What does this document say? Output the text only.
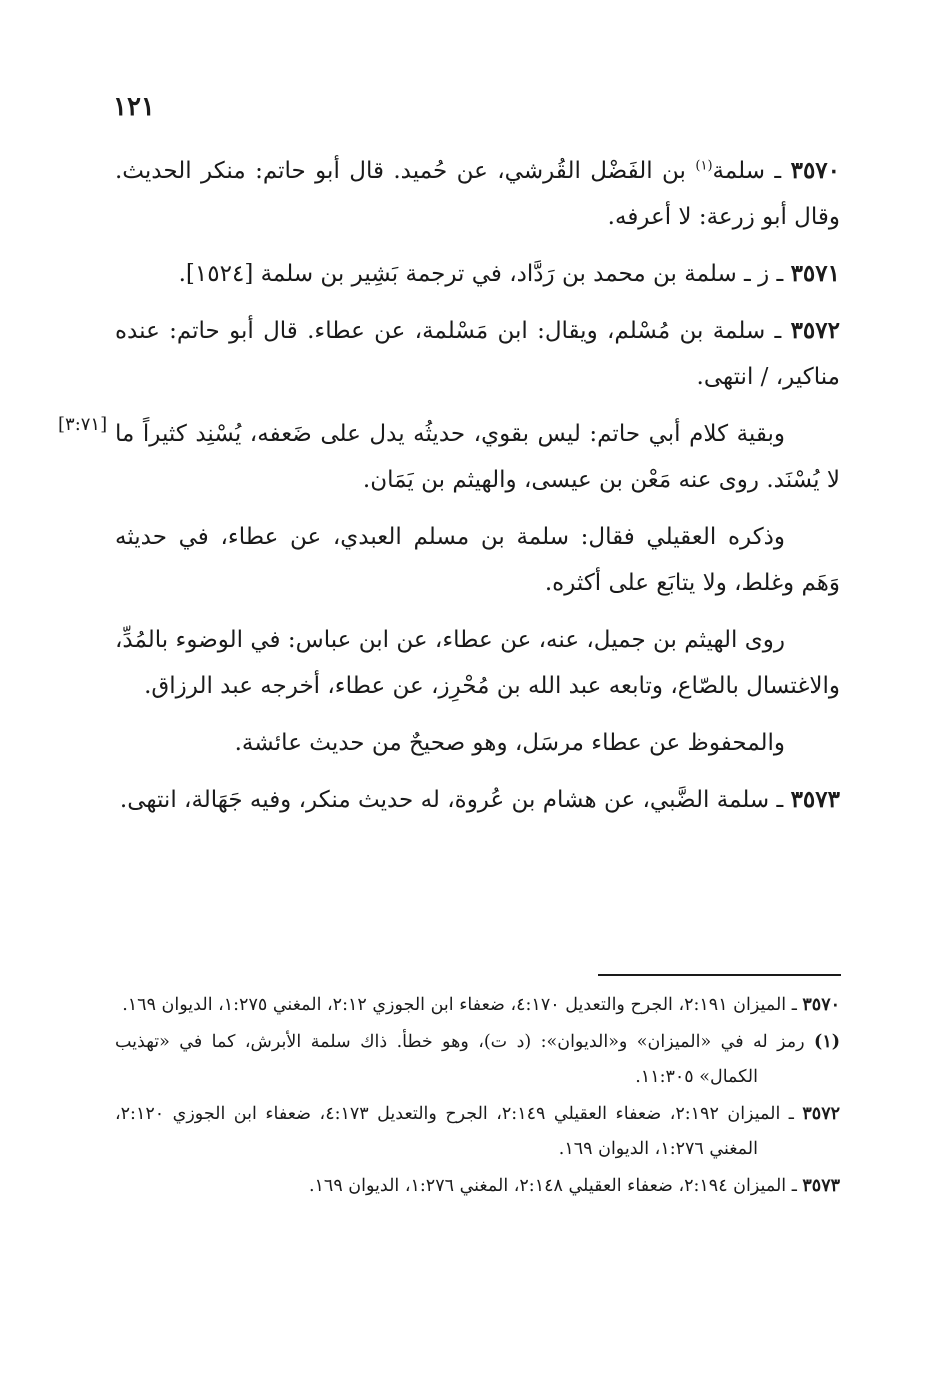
١٢١
[٣:٧١]

٣٥٧٠ ـ سلمة$^{(١)}$ بن الفَضْل القُرشي، عن حُميد. قال أبو حاتم: منكر الحديث. وقال أبو زرعة: لا أعرفه.

٣٥٧١ ـ ز ـ سلمة بن محمد بن رَدَّاد، في ترجمة بَشِير بن سلمة [١٥٢٤].

٣٥٧٢ ـ سلمة بن مُسْلم، ويقال: ابن مَسْلمة، عن عطاء. قال أبو حاتم: عنده مناكير، / انتهى.

وبقية كلام أبي حاتم: ليس بقوي، حديثُه يدل على ضَعفه، يُسْنِد كثيراً ما لا يُسْنَد. روى عنه مَعْن بن عيسى، والهيثم بن يَمَان.

وذكره العقيلي فقال: سلمة بن مسلم العبدي، عن عطاء، في حديثه وَهَم وغلط، ولا يتابَع على أكثره.

روى الهيثم بن جميل، عنه، عن عطاء، عن ابن عباس: في الوضوء بالمُدِّ، والاغتسال بالصّاع، وتابعه عبد الله بن مُحْرِز، عن عطاء، أخرجه عبد الرزاق.

والمحفوظ عن عطاء مرسَل، وهو صحيحٌ من حديث عائشة.

٣٥٧٣ ـ سلمة الضَّبي، عن هشام بن عُروة، له حديث منكر، وفيه جَهَالة، انتهى.

٣٥٧٠ ـ الميزان ٢:١٩١، الجرح والتعديل ٤:١٧٠، ضعفاء ابن الجوزي ٢:١٢، المغني ١:٢٧٥، الديوان ١٦٩.

(١) رمز له في «الميزان» و«الديوان»: (د ت)، وهو خطأ. ذاك سلمة الأبرش، كما في «تهذيب الكمال» ١١:٣٠٥.

٣٥٧٢ ـ الميزان ٢:١٩٢، ضعفاء العقيلي ٢:١٤٩، الجرح والتعديل ٤:١٧٣، ضعفاء ابن الجوزي ٢:١٢٠، المغني ١:٢٧٦، الديوان ١٦٩.

٣٥٧٣ ـ الميزان ٢:١٩٤، ضعفاء العقيلي ٢:١٤٨، المغني ١:٢٧٦، الديوان ١٦٩.
